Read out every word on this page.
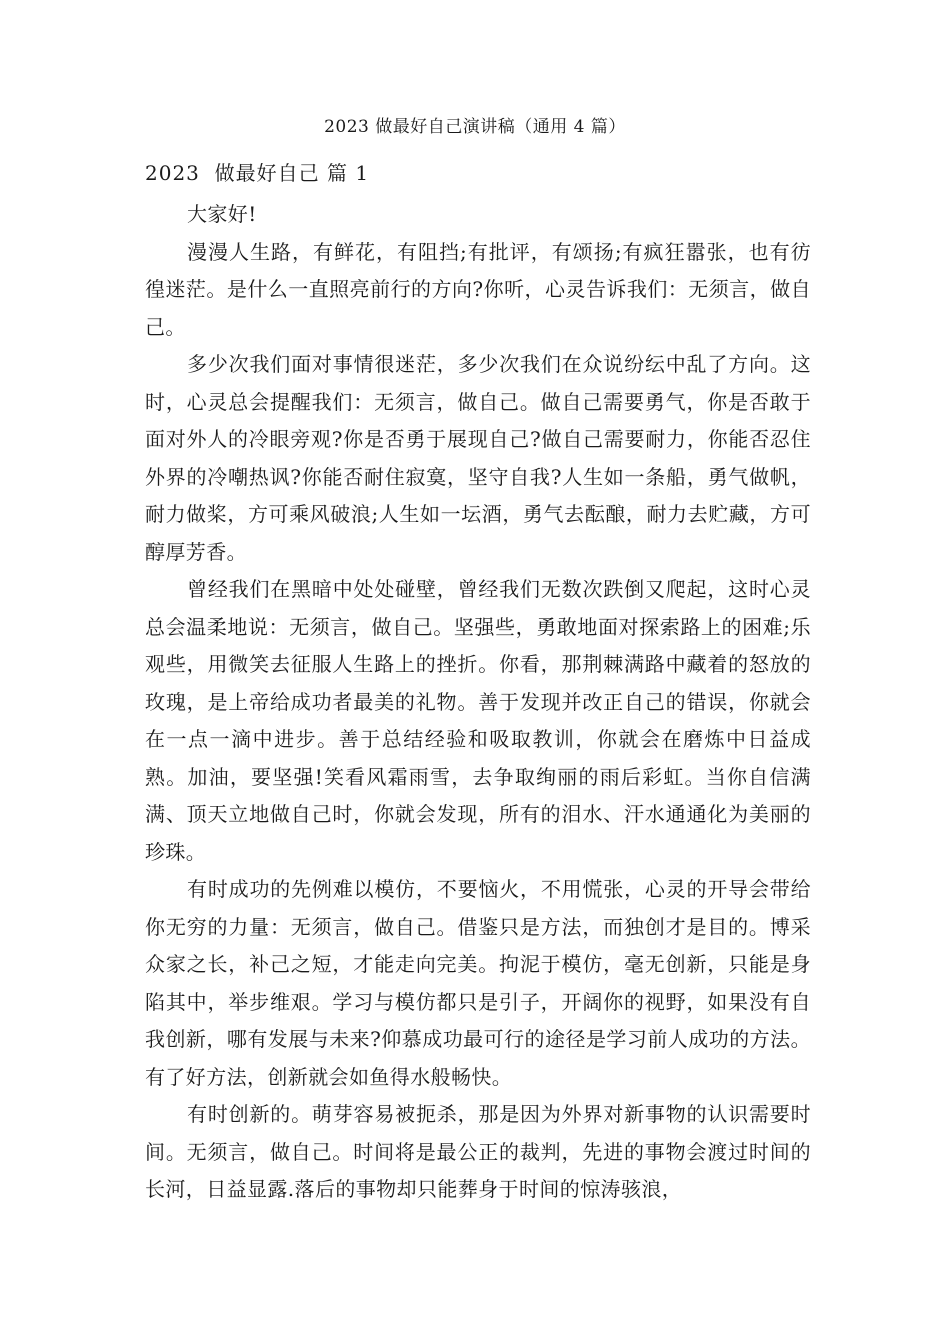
2023 做最好自己演讲稿（通用 4 篇）
2023  做最好自己 篇 1

大家好!

漫漫人生路，有鲜花，有阻挡;有批评，有颂扬;有疯狂嚣张，也有彷徨迷茫。是什么一直照亮前行的方向?你听，心灵告诉我们：无须言，做自己。

多少次我们面对事情很迷茫，多少次我们在众说纷纭中乱了方向。这时，心灵总会提醒我们：无须言，做自己。做自己需要勇气，你是否敢于面对外人的冷眼旁观?你是否勇于展现自己?做自己需要耐力，你能否忍住外界的冷嘲热讽?你能否耐住寂寞，坚守自我?人生如一条船，勇气做帆，耐力做桨，方可乘风破浪;人生如一坛酒，勇气去酝酿，耐力去贮藏，方可醇厚芳香。

曾经我们在黑暗中处处碰壁，曾经我们无数次跌倒又爬起，这时心灵总会温柔地说：无须言，做自己。坚强些，勇敢地面对探索路上的困难;乐观些，用微笑去征服人生路上的挫折。你看，那荆棘满路中藏着的怒放的玫瑰，是上帝给成功者最美的礼物。善于发现并改正自己的错误，你就会在一点一滴中进步。善于总结经验和吸取教训，你就会在磨炼中日益成熟。加油，要坚强!笑看风霜雨雪，去争取绚丽的雨后彩虹。当你自信满满、顶天立地做自己时，你就会发现，所有的泪水、汗水通通化为美丽的珍珠。

有时成功的先例难以模仿，不要恼火，不用慌张，心灵的开导会带给你无穷的力量：无须言，做自己。借鉴只是方法，而独创才是目的。博采众家之长，补己之短，才能走向完美。拘泥于模仿，毫无创新，只能是身陷其中，举步维艰。学习与模仿都只是引子，开阔你的视野，如果没有自我创新，哪有发展与未来?仰慕成功最可行的途径是学习前人成功的方法。有了好方法，创新就会如鱼得水般畅快。

有时创新的。萌芽容易被扼杀，那是因为外界对新事物的认识需要时间。无须言，做自己。时间将是最公正的裁判，先进的事物会渡过时间的长河，日益显露.落后的事物却只能葬身于时间的惊涛骇浪，
